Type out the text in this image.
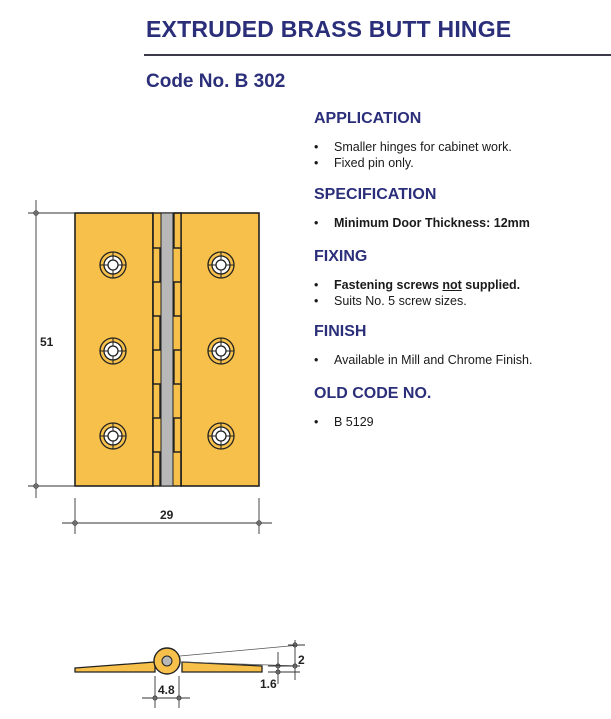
EXTRUDED BRASS BUTT HINGE
Code No. B 302
APPLICATION
• Smaller hinges for cabinet work.
• Fixed pin only.
SPECIFICATION
• Minimum Door Thickness: 12mm
FIXING
• Fastening screws not supplied.
• Suits No. 5 screw sizes.
FINISH
• Available in Mill and Chrome Finish.
OLD CODE NO.
• B 5129
51
29
4.8	1.6
2
